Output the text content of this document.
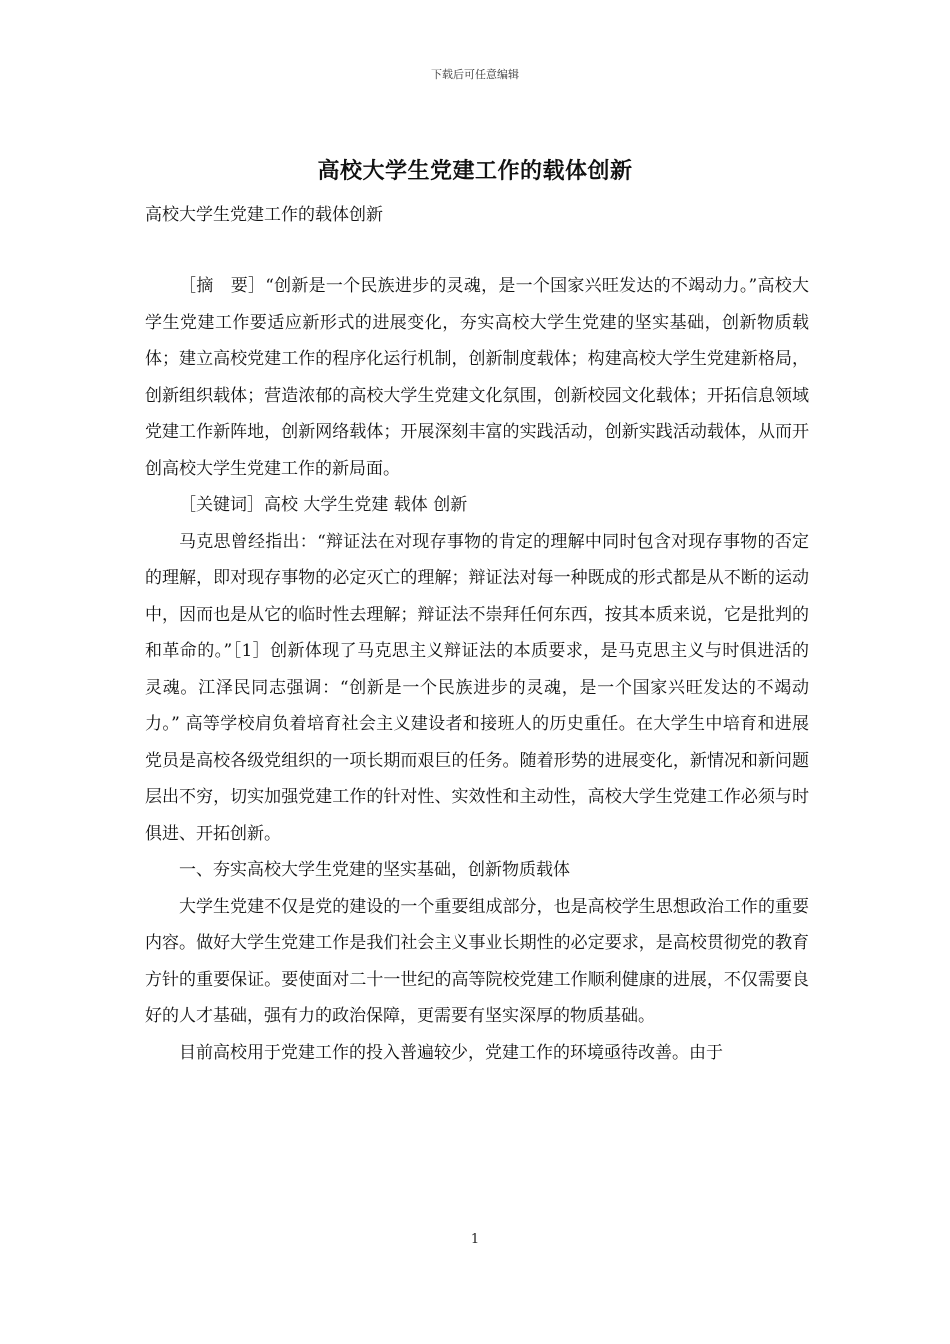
下载后可任意编辑
高校大学生党建工作的载体创新
高校大学生党建工作的载体创新

［摘　要］“创新是一个民族进步的灵魂，是一个国家兴旺发达的不竭动力。”高校大学生党建工作要适应新形式的进展变化，夯实高校大学生党建的坚实基础，创新物质载体；建立高校党建工作的程序化运行机制，创新制度载体；构建高校大学生党建新格局，创新组织载体；营造浓郁的高校大学生党建文化氛围，创新校园文化载体；开拓信息领域党建工作新阵地，创新网络载体；开展深刻丰富的实践活动，创新实践活动载体，从而开创高校大学生党建工作的新局面。

［关键词］高校 大学生党建 载体 创新

马克思曾经指出：“辩证法在对现存事物的肯定的理解中同时包含对现存事物的否定的理解，即对现存事物的必定灭亡的理解；辩证法对每一种既成的形式都是从不断的运动中，因而也是从它的临时性去理解；辩证法不崇拜任何东西，按其本质来说，它是批判的和革命的。”［1］创新体现了马克思主义辩证法的本质要求，是马克思主义与时俱进活的灵魂。江泽民同志强调：“创新是一个民族进步的灵魂，是一个国家兴旺发达的不竭动力。” 高等学校肩负着培育社会主义建设者和接班人的历史重任。在大学生中培育和进展党员是高校各级党组织的一项长期而艰巨的任务。随着形势的进展变化，新情况和新问题层出不穷，切实加强党建工作的针对性、实效性和主动性，高校大学生党建工作必须与时俱进、开拓创新。

一、夯实高校大学生党建的坚实基础，创新物质载体

大学生党建不仅是党的建设的一个重要组成部分，也是高校学生思想政治工作的重要内容。做好大学生党建工作是我们社会主义事业长期性的必定要求，是高校贯彻党的教育方针的重要保证。要使面对二十一世纪的高等院校党建工作顺利健康的进展，不仅需要良好的人才基础，强有力的政治保障，更需要有坚实深厚的物质基础。

目前高校用于党建工作的投入普遍较少，党建工作的环境亟待改善。由于

1
